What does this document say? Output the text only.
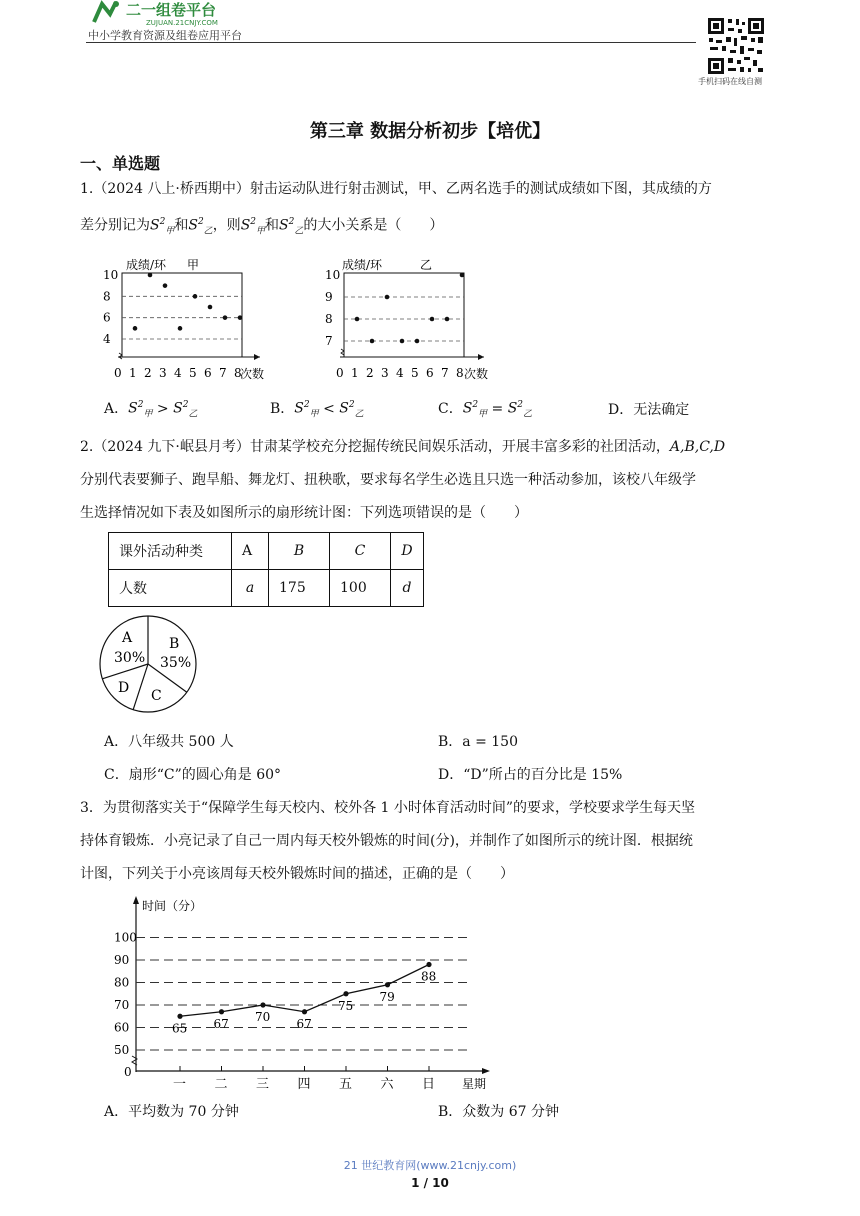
二一组卷平台
ZUJUAN.21CNJY.COM
中小学教育资源及组卷应用平台
手机扫码在线自测
第三章 数据分析初步【培优】
一、单选题
1.（2024 八上·桥西期中）射击运动队进行射击测试，甲、乙两名选手的测试成绩如下图，其成绩的方
差分别记为$S^2_甲$和$S^2_乙$，则$S^2_甲$和$S^2_乙$的大小关系是（　　）
成绩/环 甲
次数
4
6
8
10
0 1 2 3 4 5 6 7 8
成绩/环	乙
次数
7
8
9
10
0 1 2 3 4 5 6 7 8
A．$S^2_甲 > S^2_乙$	B．$S^2_甲 < S^2_乙$	C．$S^2_甲 = S^2_乙$	D．无法确定
2.（2024 九下·岷县月考）甘肃某学校充分挖掘传统民间娱乐活动，开展丰富多彩的社团活动，A,B,C,D
分别代表要狮子、跑旱船、舞龙灯、扭秧歌，要求每名学生必选且只选一种活动参加，该校八年级学
生选择情况如下表及如图所示的扇形统计图：下列选项错误的是（　　）
课外活动种类	A	B	C	D
人数	a	175	100	d
A
30%
B
35%
C
D
A．八年级共 500 人	B．a = 150
C．扇形“C”的圆心角是 60°	D．“D”所占的百分比是 15%
3．为贯彻落实关于“保障学生每天校内、校外各 1 小时体育活动时间”的要求，学校要求学生每天坚
持体育锻炼．小亮记录了自己一周内每天校外锻炼的时间(分)，并制作了如图所示的统计图．根据统
计图，下列关于小亮该周每天校外锻炼时间的描述，正确的是（　　）
时间（分）
星期
0
50
60
70
80
90
100
一 二 三 四 五 六 日
65 67 70 67
75
79
88
A．平均数为 70 分钟	B．众数为 67 分钟
21 世纪教育网(www.21cnjy.com)
1 / 10
